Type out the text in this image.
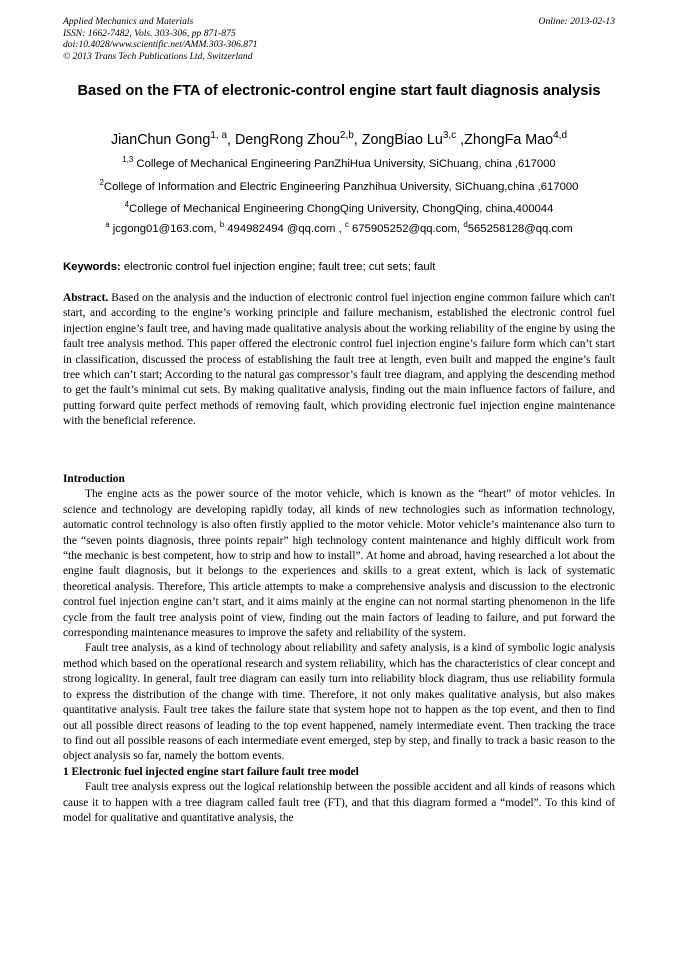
Applied Mechanics and Materials
ISSN: 1662-7482, Vols. 303-306, pp 871-875
doi:10.4028/www.scientific.net/AMM.303-306.871
© 2013 Trans Tech Publications Ltd, Switzerland
Online: 2013-02-13
Based on the FTA of electronic-control engine start fault diagnosis analysis
JianChun Gong$^{1, a}$, DengRong Zhou$^{2,b}$, ZongBiao Lu$^{3,c}$ ,ZhongFa Mao$^{4,d}$
$^{1,3}$ College of Mechanical Engineering PanZhiHua University, SiChuang, china ,617000
$^2$College of Information and Electric Engineering Panzhihua University, SiChuang,china ,617000
$^4$College of Mechanical Engineering ChongQing University, ChongQing, china,400044
$^a$ jcgong01@163.com, $^b$ 494982494 @qq.com , $^c$ 675905252@qq.com, $^d$565258128@qq.com
Keywords: electronic control fuel injection engine; fault tree; cut sets; fault

Abstract. Based on the analysis and the induction of electronic control fuel injection engine common failure which can't start, and according to the engine’s working principle and failure mechanism, established the electronic control fuel injection engine’s fault tree, and having made qualitative analysis about the working reliability of the engine by using the fault tree analysis method. This paper offered the electronic control fuel injection engine’s failure form which can’t start in classification, discussed the process of establishing the fault tree at length, even built and mapped the engine’s fault tree which can’t start; According to the natural gas compressor’s fault tree diagram, and applying the descending method to get the fault’s minimal cut sets. By making qualitative analysis, finding out the main influence factors of failure, and putting forward quite perfect methods of removing fault, which providing electronic fuel injection engine maintenance with the beneficial reference.

Introduction

The engine acts as the power source of the motor vehicle, which is known as the “heart” of motor vehicles. In science and technology are developing rapidly today, all kinds of new technologies such as information technology, automatic control technology is also often firstly applied to the motor vehicle. Motor vehicle’s maintenance also turn to the “seven points diagnosis, three points repair” high technology content maintenance and highly difficult work from “the mechanic is best competent, how to strip and how to install”. At home and abroad, having researched a lot about the engine fault diagnosis, but it belongs to the experiences and skills to a great extent, which is lack of systematic theoretical analysis. Therefore, This article attempts to make a comprehensive analysis and discussion to the electronic control fuel injection engine can’t start, and it aims mainly at the engine can not normal starting phenomenon in the life cycle from the fault tree analysis point of view, finding out the main factors of leading to failure, and put forward the corresponding maintenance measures to improve the safety and reliability of the system.

Fault tree analysis, as a kind of technology about reliability and safety analysis, is a kind of symbolic logic analysis method which based on the operational research and system reliability, which has the characteristics of clear concept and strong logicality. In general, fault tree diagram can easily turn into reliability block diagram, thus use reliability formula to express the distribution of the change with time. Therefore, it not only makes qualitative analysis, but also makes quantitative analysis. Fault tree takes the failure state that system hope not to happen as the top event, and then to find out all possible direct reasons of leading to the top event happened, namely intermediate event. Then tracking the trace to find out all possible reasons of each intermediate event emerged, step by step, and finally to track a basic reason to the object analysis so far, namely the bottom events.

1 Electronic fuel injected engine start failure fault tree model

Fault tree analysis express out the logical relationship between the possible accident and all kinds of reasons which cause it to happen with a tree diagram called fault tree (FT), and that this diagram formed a “model”. To this kind of model for qualitative and quantitative analysis, the
